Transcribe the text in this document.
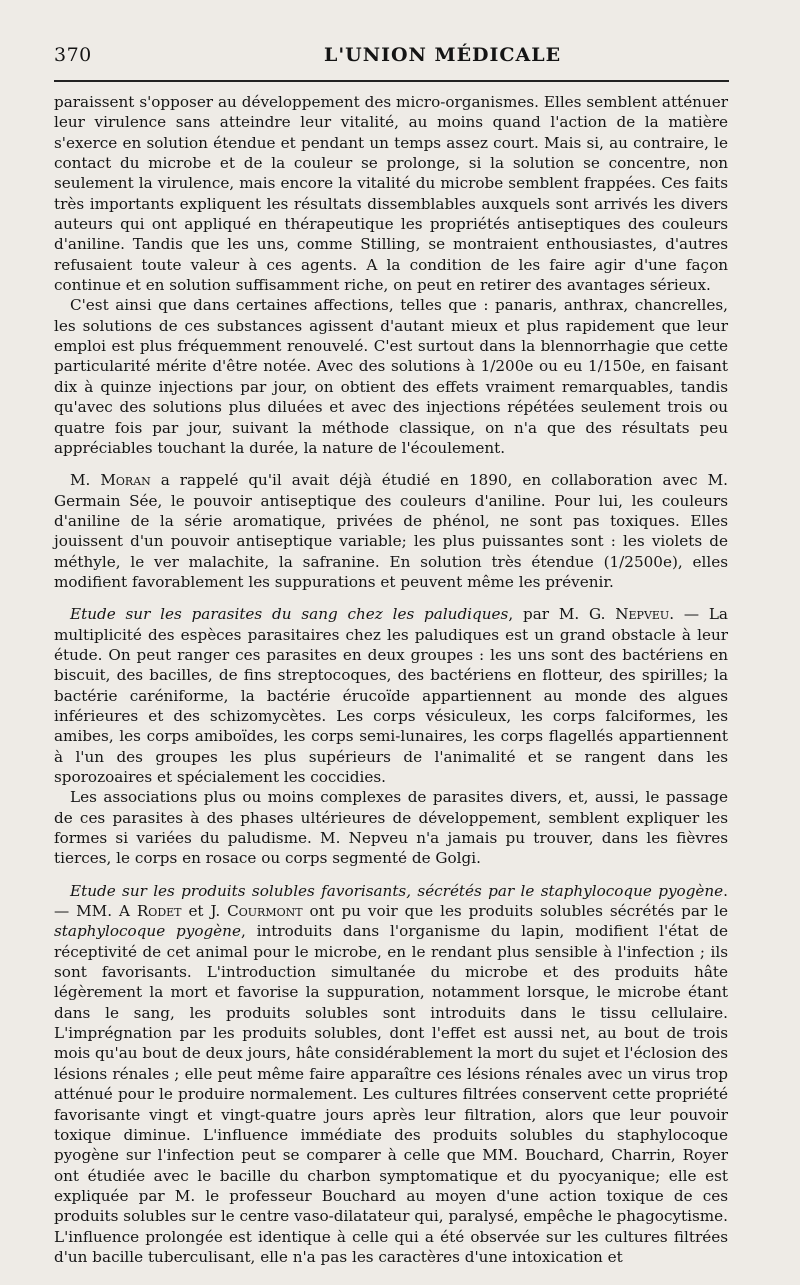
370	L'UNION MÉDICALE

paraissent s'opposer au développement des micro-organismes. Elles semblent atténuer leur virulence sans atteindre leur vitalité, au moins quand l'action de la matière s'exerce en solution étendue et pendant un temps assez court. Mais si, au contraire, le contact du microbe et de la couleur se prolonge, si la solution se concentre, non seulement la virulence, mais encore la vitalité du microbe semblent frappées. Ces faits très importants expliquent les résultats dissemblables auxquels sont arrivés les divers auteurs qui ont appliqué en thérapeutique les propriétés antiseptiques des couleurs d'aniline. Tandis que les uns, comme Stilling, se montraient enthousiastes, d'autres refusaient toute valeur à ces agents. A la condition de les faire agir d'une façon continue et en solution suffisamment riche, on peut en retirer des avantages sérieux.

C'est ainsi que dans certaines affections, telles que : panaris, anthrax, chancrelles, les solutions de ces substances agissent d'autant mieux et plus rapidement que leur emploi est plus fréquemment renouvelé. C'est surtout dans la blennorrhagie que cette particularité mérite d'être notée. Avec des solutions à 1/200e ou eu 1/150e, en faisant dix à quinze injections par jour, on obtient des effets vraiment remarquables, tandis qu'avec des solutions plus diluées et avec des injections répétées seulement trois ou quatre fois par jour, suivant la méthode classique, on n'a que des résultats peu appréciables touchant la durée, la nature de l'écoulement.

M. Moran a rappelé qu'il avait déjà étudié en 1890, en collaboration avec M. Germain Sée, le pouvoir antiseptique des couleurs d'aniline. Pour lui, les couleurs d'aniline de la série aromatique, privées de phénol, ne sont pas toxiques. Elles jouissent d'un pouvoir antiseptique variable; les plus puissantes sont : les violets de méthyle, le ver malachite, la safranine. En solution très étendue (1/2500e), elles modifient favorablement les suppurations et peuvent même les prévenir.

Etude sur les parasites du sang chez les paludiques, par M. G. Nepveu. — La multiplicité des espèces parasitaires chez les paludiques est un grand obstacle à leur étude. On peut ranger ces parasites en deux groupes : les uns sont des bactériens en biscuit, des bacilles, de fins streptocoques, des bactériens en flotteur, des spirilles; la bactérie caréniforme, la bactérie érucoïde appartiennent au monde des algues inférieures et des schizomycètes. Les corps vésiculeux, les corps falciformes, les amibes, les corps amiboïdes, les corps semi-lunaires, les corps flagellés appartiennent à l'un des groupes les plus supérieurs de l'animalité et se rangent dans les sporozoaires et spécialement les coccidies.

Les associations plus ou moins complexes de parasites divers, et, aussi, le passage de ces parasites à des phases ultérieures de développement, semblent expliquer les formes si variées du paludisme. M. Nepveu n'a jamais pu trouver, dans les fièvres tierces, le corps en rosace ou corps segmenté de Golgi.

Etude sur les produits solubles favorisants, sécrétés par le staphylocoque pyogène. — MM. A Rodet et J. Courmont ont pu voir que les produits solubles sécrétés par le staphylocoque pyogène, introduits dans l'organisme du lapin, modifient l'état de réceptivité de cet animal pour le microbe, en le rendant plus sensible à l'infection ; ils sont favorisants. L'introduction simultanée du microbe et des produits hâte légèrement la mort et favorise la suppuration, notamment lorsque, le microbe étant dans le sang, les produits solubles sont introduits dans le tissu cellulaire. L'imprégnation par les produits solubles, dont l'effet est aussi net, au bout de trois mois qu'au bout de deux jours, hâte considérablement la mort du sujet et l'éclosion des lésions rénales ; elle peut même faire apparaître ces lésions rénales avec un virus trop atténué pour le produire normalement. Les cultures filtrées conservent cette propriété favorisante vingt et vingt-quatre jours après leur filtration, alors que leur pouvoir toxique diminue. L'influence immédiate des produits solubles du staphylocoque pyogène sur l'infection peut se comparer à celle que MM. Bouchard, Charrin, Royer ont étudiée avec le bacille du charbon symptomatique et du pyocyanique; elle est expliquée par M. le professeur Bouchard au moyen d'une action toxique de ces produits solubles sur le centre vaso-dilatateur qui, paralysé, empêche le phagocytisme. L'influence prolongée est identique à celle qui a été observée sur les cultures filtrées d'un bacille tuberculisant, elle n'a pas les caractères d'une intoxication et
